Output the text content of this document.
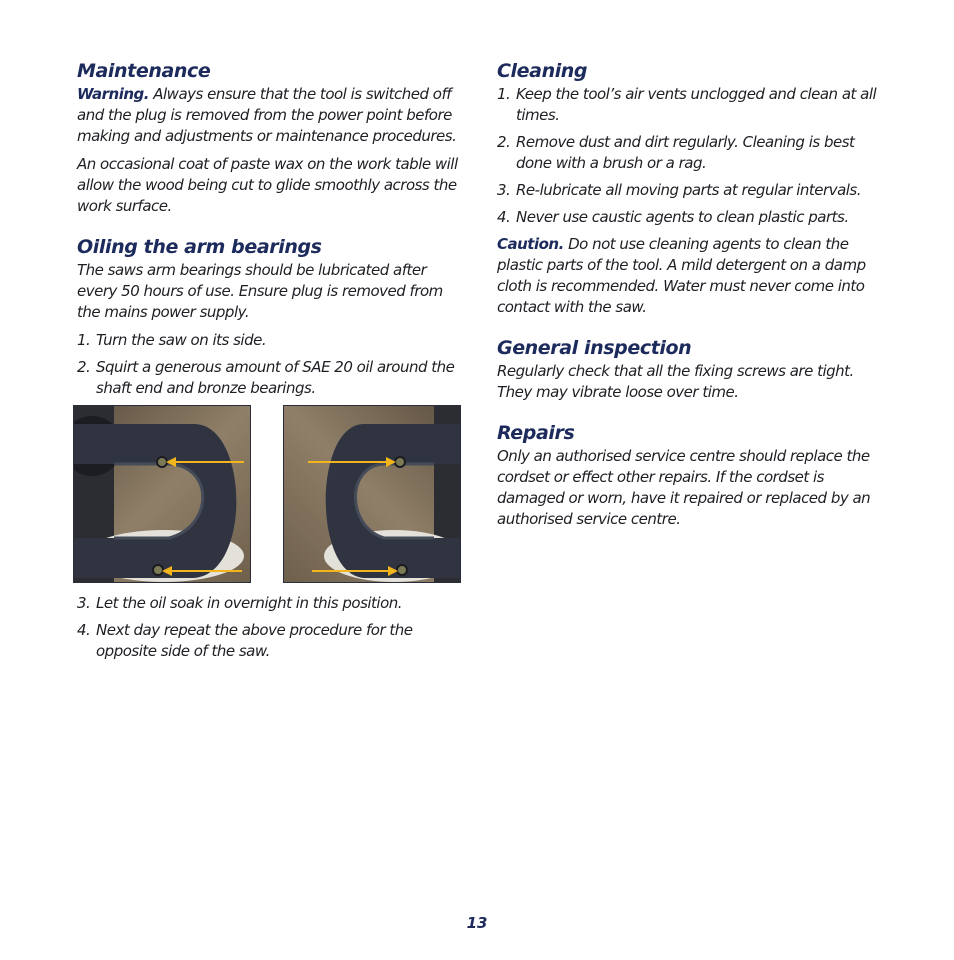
Maintenance

Warning. Always ensure that the tool is switched off and the plug is removed from the power point before making and adjustments or maintenance procedures.

An occasional coat of paste wax on the work table will allow the wood being cut to glide smoothly across the work surface.

Oiling the arm bearings

The saws arm bearings should be lubricated after every 50 hours of use. Ensure plug is removed from the mains power supply.

1. Turn the saw on its side.
2. Squirt a generous amount of SAE 20 oil around the shaft end and bronze bearings.
3. Let the oil soak in overnight in this position.
4. Next day repeat the above procedure for the opposite side of the saw.
Cleaning
1. Keep the tool’s air vents unclogged and clean at all times.
2. Remove dust and dirt regularly. Cleaning is best done with a brush or a rag.
3. Re-lubricate all moving parts at regular intervals.
4. Never use caustic agents to clean plastic parts.

Caution. Do not use cleaning agents to clean the plastic parts of the tool. A mild detergent on a damp cloth is recommended. Water must never come into contact with the saw.

General inspection

Regularly check that all the fixing screws are tight. They may vibrate loose over time.

Repairs

Only an authorised service centre should replace the cordset or effect other repairs. If the cordset is damaged or worn, have it repaired or replaced by an authorised service centre.

13
